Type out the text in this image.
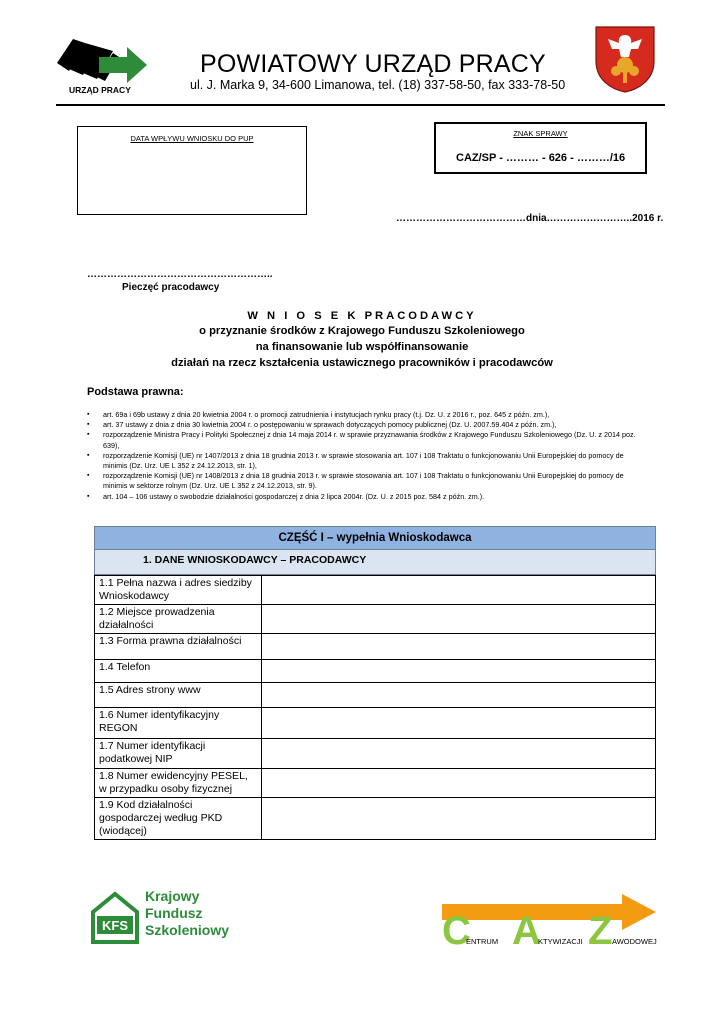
URZĄD PRACY
POWIATOWY URZĄD PRACY
ul. J. Marka 9, 34-600 Limanowa, tel. (18) 337-58-50, fax 333-78-50
DATA WPŁYWU WNIOSKU DO PUP
ZNAK SPRAWY
CAZ/SP - ……… - 626 - ………/16
…………………………………dnia……………………..2016 r.
………………………………………………..
Pieczęć pracodawcy
W N I O S E K PRACODAWCY
o przyznanie środków z Krajowego Funduszu Szkoleniowego
na finansowanie lub współfinansowanie
działań na rzecz kształcenia ustawicznego pracowników i pracodawców
Podstawa prawna:
▪ art. 69a i 69b ustawy z dnia 20 kwietnia 2004 r. o promocji zatrudnienia i instytucjach rynku pracy (t.j. Dz. U. z 2016 r., poz. 645 z późn. zm.),
▪ art. 37 ustawy z dnia z dnia 30 kwietnia 2004 r. o postępowaniu w sprawach dotyczących pomocy publicznej (Dz. U. 2007.59.404 z późn. zm.),
▪ rozporządzenie Ministra Pracy i Polityki Społecznej z dnia 14 maja 2014 r. w sprawie przyznawania środków z Krajowego Funduszu Szkoleniowego (Dz. U. z 2014 poz. 639),
▪ rozporządzenie Komisji (UE) nr 1407/2013 z dnia 18 grudnia 2013 r. w sprawie stosowania art. 107 i 108 Traktatu o funkcjonowaniu Unii Europejskiej do pomocy de minimis (Dz. Urz. UE L 352 z 24.12.2013, str. 1),
▪ rozporządzenie Komisji (UE) nr 1408/2013 z dnia 18 grudnia 2013 r. w sprawie stosowania art. 107 i 108 Traktatu o funkcjonowaniu Unii Europejskiej do pomocy de minimis w sektorze rolnym (Dz. Urz. UE L 352 z 24.12.2013, str. 9).
▪ art. 104 – 106 ustawy o swobodzie działalności gospodarczej z dnia 2 lipca 2004r. (Dz. U. z 2015 poz. 584 z późn. zm.).
CZĘŚĆ I – wypełnia Wnioskodawca
1. DANE WNIOSKODAWCY – PRACODAWCY
1.1 Pełna nazwa i adres siedziby Wnioskodawcy	
1.2 Miejsce prowadzenia działalności	
1.3 Forma prawna działalności	
1.4 Telefon	
1.5 Adres strony www	
1.6 Numer identyfikacyjny REGON	
1.7 Numer identyfikacji podatkowej NIP	
1.8 Numer ewidencyjny PESEL, w przypadku osoby fizycznej	
1.9 Kod działalności gospodarczej według PKD (wiodącej)	
KFS
Krajowy
Fundusz
Szkoleniowy	C
ENTRUM A
KTYWIZACJI Z AWODOWEJ
